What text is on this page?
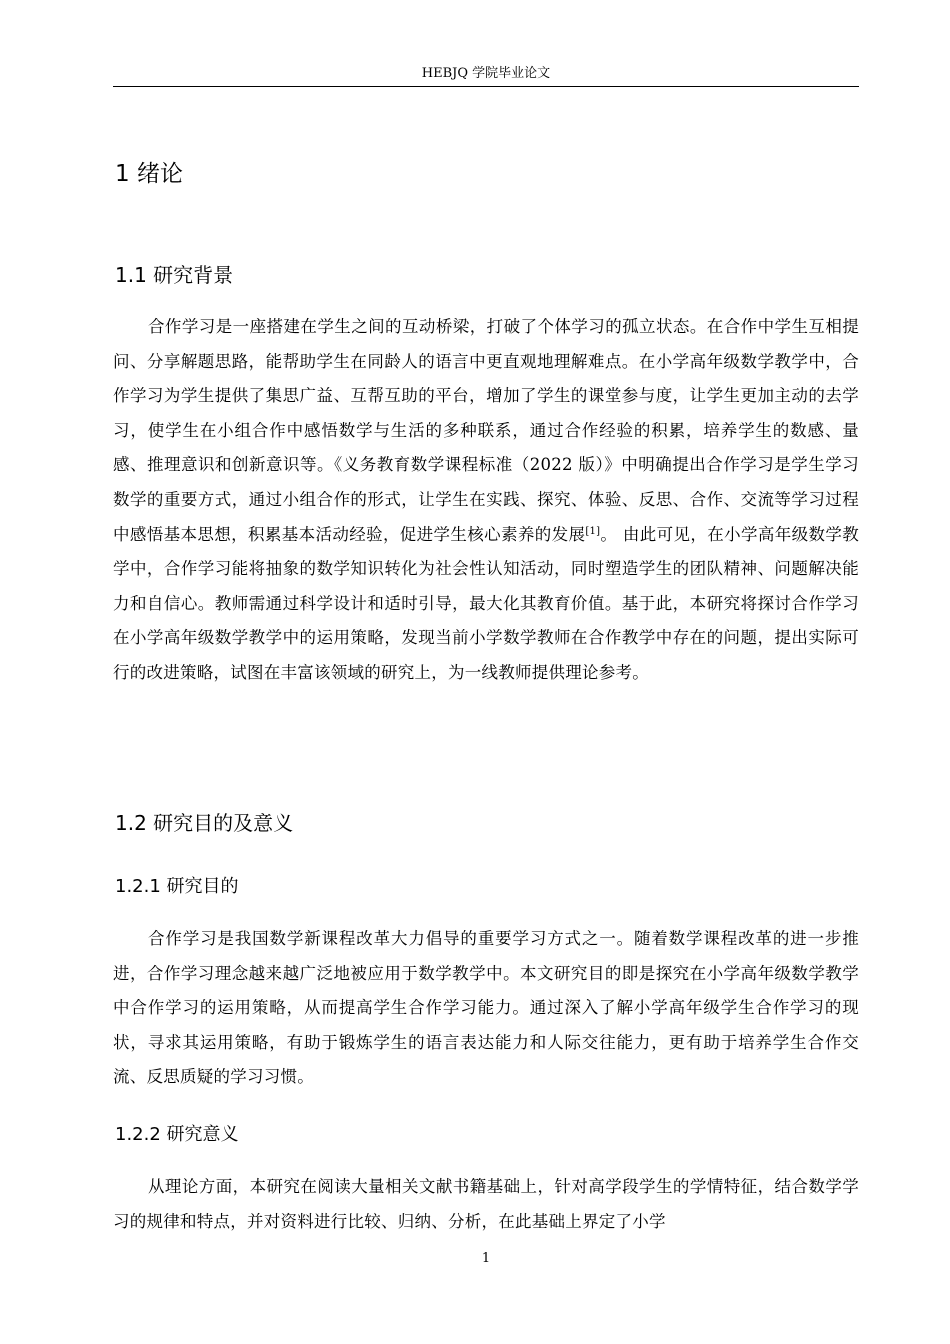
HEBJQ 学院毕业论文
1 绪论
1.1 研究背景
合作学习是一座搭建在学生之间的互动桥梁，打破了个体学习的孤立状态。在合作中学生互相提问、分享解题思路，能帮助学生在同龄人的语言中更直观地理解难点。在小学高年级数学教学中，合作学习为学生提供了集思广益、互帮互助的平台，增加了学生的课堂参与度，让学生更加主动的去学习，使学生在小组合作中感悟数学与生活的多种联系，通过合作经验的积累，培养学生的数感、量感、推理意识和创新意识等。《义务教育数学课程标准（2022 版）》中明确提出合作学习是学生学习数学的重要方式，通过小组合作的形式，让学生在实践、探究、体验、反思、合作、交流等学习过程中感悟基本思想，积累基本活动经验，促进学生核心素养的发展[1]。 由此可见，在小学高年级数学教学中，合作学习能将抽象的数学知识转化为社会性认知活动，同时塑造学生的团队精神、问题解决能力和自信心。教师需通过科学设计和适时引导，最大化其教育价值。基于此，本研究将探讨合作学习在小学高年级数学教学中的运用策略，发现当前小学数学教师在合作教学中存在的问题，提出实际可行的改进策略，试图在丰富该领域的研究上，为一线教师提供理论参考。
1.2 研究目的及意义
1.2.1 研究目的
合作学习是我国数学新课程改革大力倡导的重要学习方式之一。随着数学课程改革的进一步推进，合作学习理念越来越广泛地被应用于数学教学中。本文研究目的即是探究在小学高年级数学教学中合作学习的运用策略，从而提高学生合作学习能力。通过深入了解小学高年级学生合作学习的现状，寻求其运用策略，有助于锻炼学生的语言表达能力和人际交往能力，更有助于培养学生合作交流、反思质疑的学习习惯。
1.2.2 研究意义
从理论方面，本研究在阅读大量相关文献书籍基础上，针对高学段学生的学情特征，结合数学学习的规律和特点，并对资料进行比较、归纳、分析，在此基础上界定了小学
1
